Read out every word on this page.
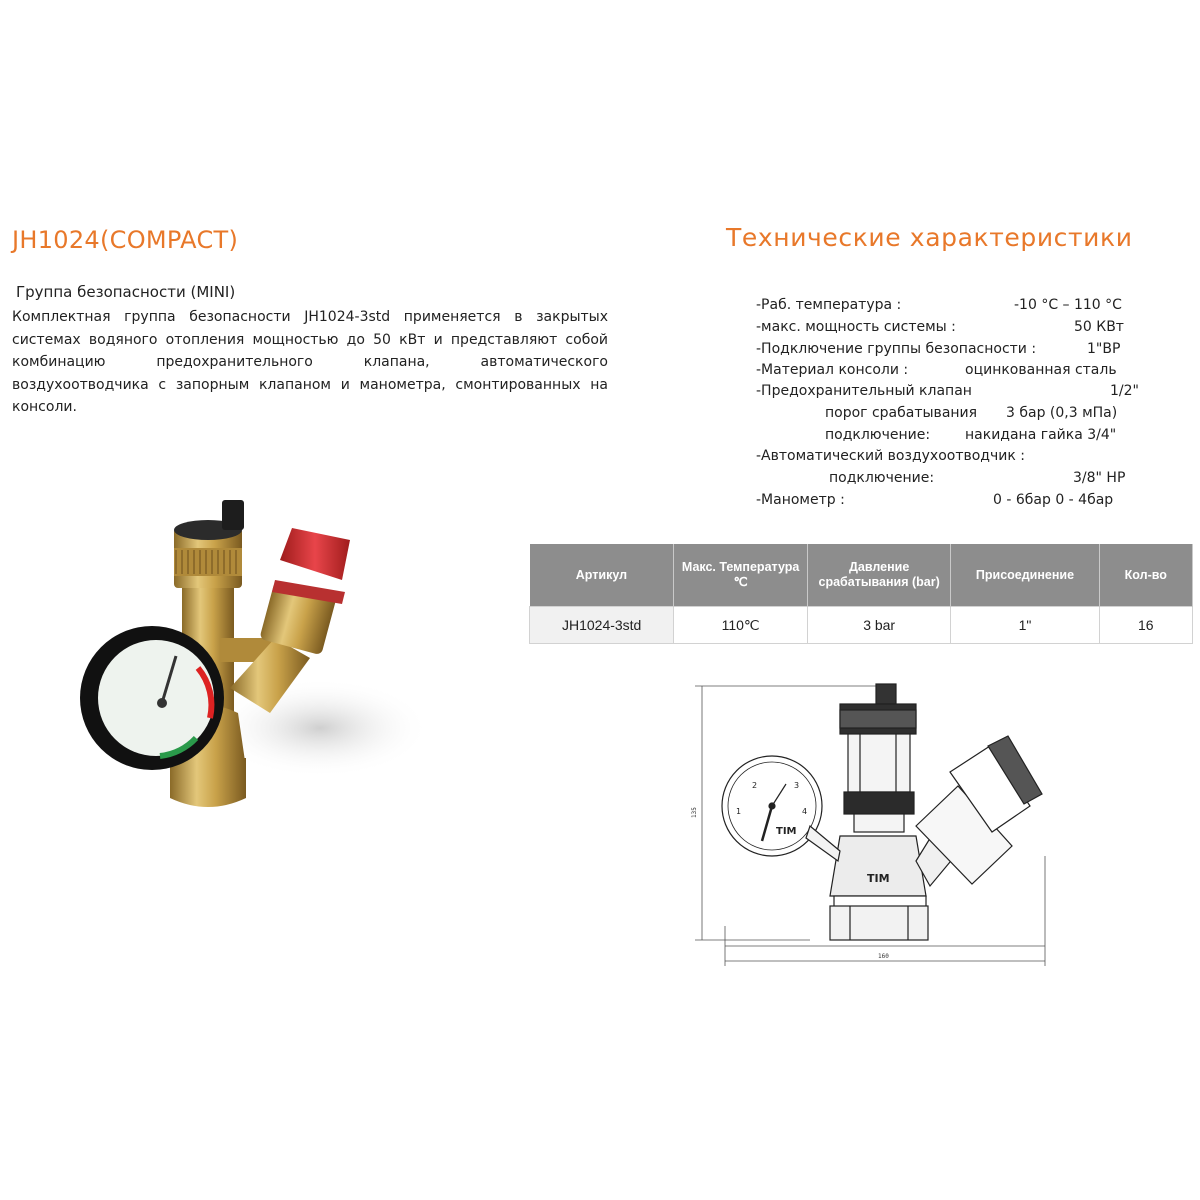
JH1024(COMPACT)	Технические характеристики
Группа безопасности (MINI)
Комплектная группа безопасности JH1024-3std применяется в закрытых системах водяного отопления мощностью до 50 кВт и представляют собой комбинацию предохранительного клапана, автоматического воздухоотводчика с запорным клапаном и манометра, смонтированных на консоли.
-Раб. температура :	-10 °С – 110 °С
-макс. мощность системы :	50 КВт
-Подключение группы безопасности :	1"ВР
-Материал консоли :	оцинкованная сталь
-Предохранительный клапан	1/2"
порог срабатывания 3 бар (0,3 мПа)
подключение: накидана гайка 3/4"
-Автоматический воздухоотводчик :
подключение:	3/8" НР
-Манометр :	0 - 6бар 0 - 4бар
Артикул	Макс. Температура ℃	Давление срабатывания (bar)	Присоединение	Кол-во
JH1024-3std	110℃	3 bar	1"	16
135
160
TIM
TIM
2	3
1	4
